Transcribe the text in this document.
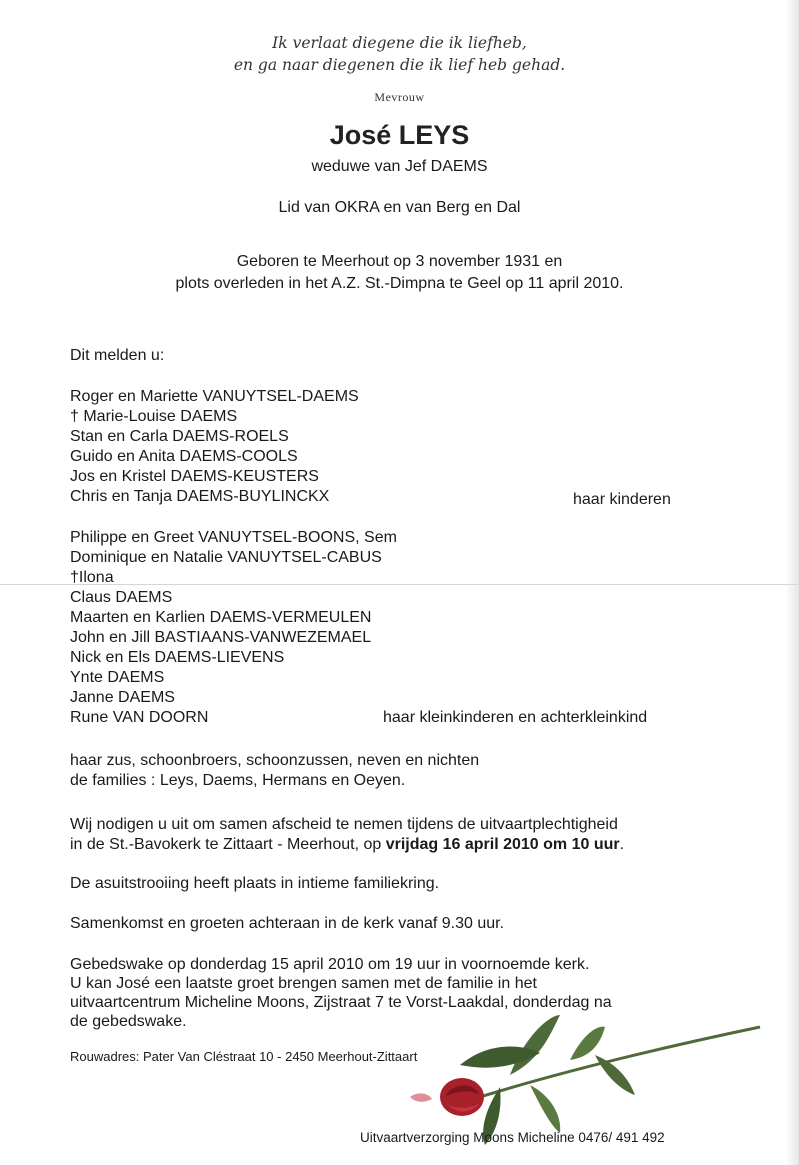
Ik verlaat diegene die ik liefheb,
en ga naar diegenen die ik lief heb gehad.
Mevrouw
José LEYS
weduwe van Jef DAEMS
Lid van OKRA en van Berg en Dal
Geboren te Meerhout op 3 november 1931 en
plots overleden in het A.Z. St.-Dimpna te Geel op 11 april 2010.
Dit melden u:
Roger en Mariette VANUYTSEL-DAEMS
† Marie-Louise DAEMS
Stan en Carla DAEMS-ROELS
Guido en Anita DAEMS-COOLS
Jos en Kristel DAEMS-KEUSTERS
Chris en Tanja DAEMS-BUYLINCKX	haar kinderen
Philippe en Greet VANUYTSEL-BOONS, Sem
Dominique en Natalie VANUYTSEL-CABUS
†Ilona
Claus DAEMS
Maarten en Karlien DAEMS-VERMEULEN
John en Jill BASTIAANS-VANWEZEMAEL
Nick en Els DAEMS-LIEVENS
Ynte DAEMS
Janne DAEMS
Rune VAN DOORN	haar kleinkinderen en achterkleinkind
haar zus, schoonbroers, schoonzussen, neven en nichten
de families : Leys, Daems, Hermans en Oeyen.
Wij nodigen u uit om samen afscheid te nemen tijdens de uitvaartplechtigheid
in de St.-Bavokerk te Zittaart - Meerhout, op vrijdag 16 april 2010 om 10 uur.
De asuitstrooiing heeft plaats in intieme familiekring.
Samenkomst en groeten achteraan in de kerk vanaf 9.30 uur.
Gebedswake op donderdag 15 april 2010 om 19 uur in voornoemde kerk.
U kan José een laatste groet brengen samen met de familie in het
uitvaartcentrum Micheline Moons, Zijstraat 7 te Vorst-Laakdal, donderdag na
de gebedswake.
Rouwadres: Pater Van Cléstraat 10 - 2450 Meerhout-Zittaart
Uitvaartverzorging Moons Micheline 0476/ 491 492
